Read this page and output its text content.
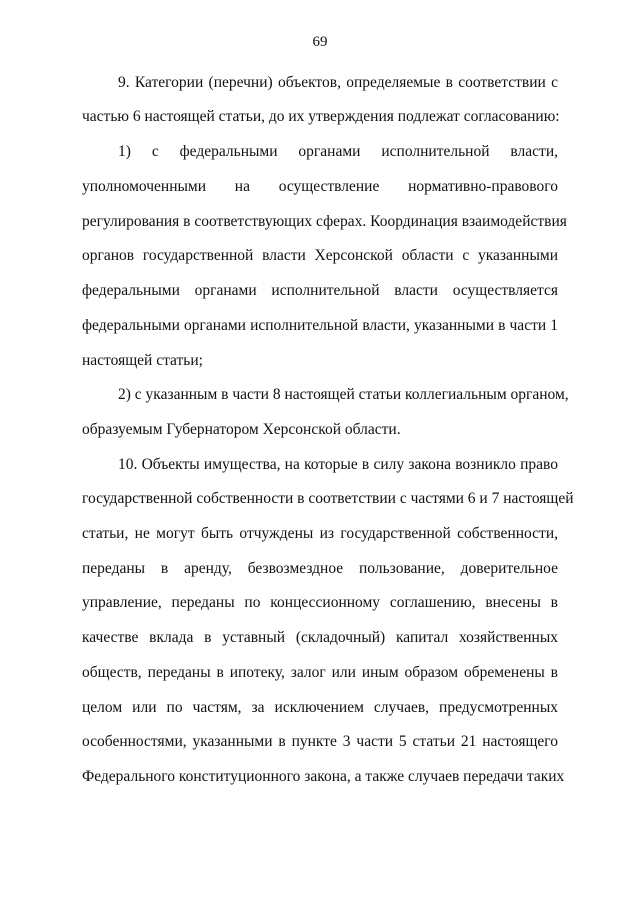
69
9. Категории (перечни) объектов, определяемые в соответствии с
частью 6 настоящей статьи, до их утверждения подлежат согласованию:
1) с федеральными органами исполнительной власти,
уполномоченными на осуществление нормативно-правового
регулирования в соответствующих сферах. Координация взаимодействия
органов государственной власти Херсонской области с указанными
федеральными органами исполнительной власти осуществляется
федеральными органами исполнительной власти, указанными в части 1
настоящей статьи;
2) с указанным в части 8 настоящей статьи коллегиальным органом,
образуемым Губернатором Херсонской области.
10. Объекты имущества, на которые в силу закона возникло право
государственной собственности в соответствии с частями 6 и 7 настоящей
статьи, не могут быть отчуждены из государственной собственности,
переданы в аренду, безвозмездное пользование, доверительное
управление, переданы по концессионному соглашению, внесены в
качестве вклада в уставный (складочный) капитал хозяйственных
обществ, переданы в ипотеку, залог или иным образом обременены в
целом или по частям, за исключением случаев, предусмотренных
особенностями, указанными в пункте 3 части 5 статьи 21 настоящего
Федерального конституционного закона, а также случаев передачи таких
